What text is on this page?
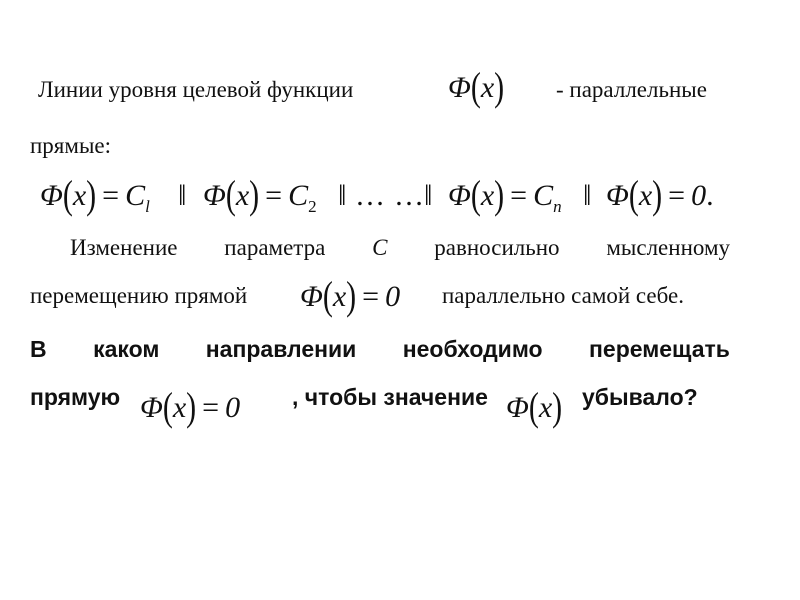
Линии уровня целевой функции	Φ(x) - параллельные
прямые:
$\Phi(x) = C_l$ ‖ $\Phi(x) = C_2$ ‖ … … ‖ $\Phi(x) = C_n$ ‖ Φ(x) = 0.
Изменение параметра С равносильно мысленному
перемещению прямой Φ(x) = 0 параллельно самой себе.
В каком направлении необходимо перемещать
прямую Φ(x) = 0 , чтобы значение Φ(x) убывало?
